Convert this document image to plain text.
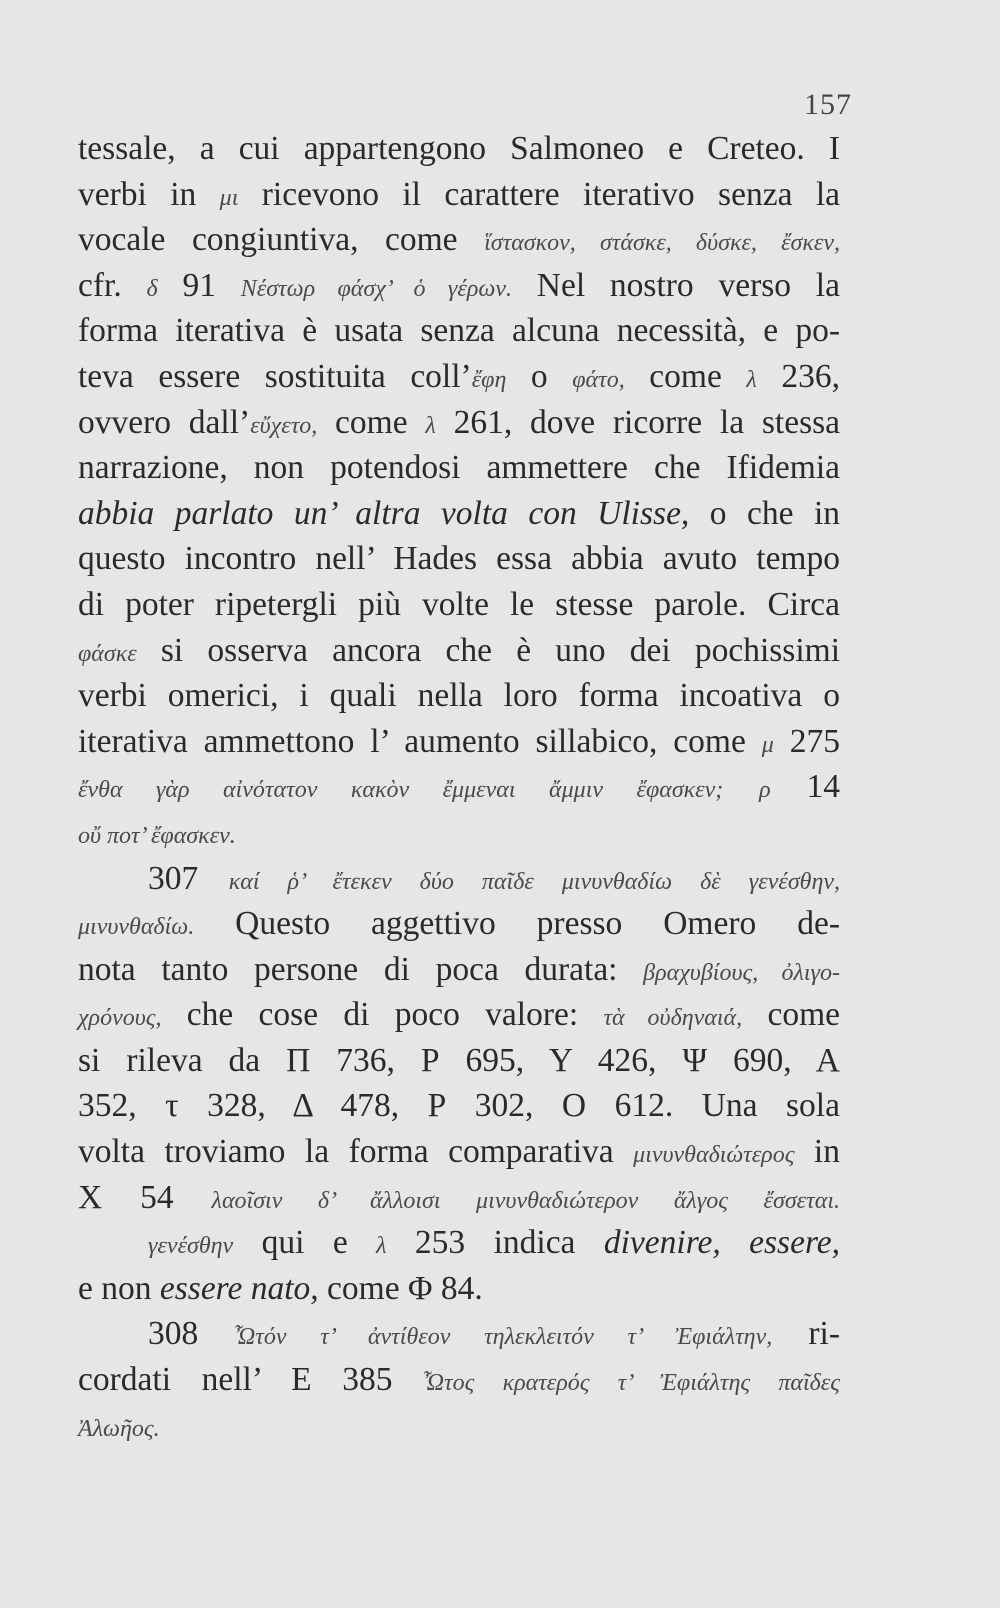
157
tessale, a cui appartengono Salmoneo e Creteo. I
verbi in μι ricevono il carattere iterativo senza la
vocale congiuntiva, come ἵστασκον, στάσκε, δύσκε, ἔσκεν,
cfr. δ 91 Νέστωρ φάσχ’ ὁ γέρων. Nel nostro verso la
forma iterativa è usata senza alcuna necessità, e po-
teva essere sostituita coll’ἔφη o φάτο, come λ 236,
ovvero dall’εὔχετο, come λ 261, dove ricorre la stessa
narrazione, non potendosi ammettere che Ifidemia
abbia parlato un’ altra volta con Ulisse, o che in
questo incontro nell’ Hades essa abbia avuto tempo
di poter ripetergli più volte le stesse parole. Circa
φάσκε si osserva ancora che è uno dei pochissimi
verbi omerici, i quali nella loro forma incoativa o
iterativa ammettono l’ aumento sillabico, come μ 275
ἔνθα γὰρ αἰνότατον κακὸν ἔμμεναι ἄμμιν ἔφασκεν; ρ 14
οὔ ποτ’ ἔφασκεν.
307 καί ῥ’ ἔτεκεν δύο παῖδε μινυνθαδίω δὲ γενέσθην,
μινυνθαδίω. Questo aggettivo presso Omero de-
nota tanto persone di poca durata: βραχυβίους, ὀλιγο-
χρόνους, che cose di poco valore: τὰ οὐδηναιά, come
si rileva da Π 736, Ρ 695, Υ 426, Ψ 690, Α
352, τ 328, Δ 478, Ρ 302, Ο 612. Una sola
volta troviamo la forma comparativa μινυνθαδιώτερος in
Χ 54 λαοῖσιν δ’ ἄλλοισι μινυνθαδιώτερον ἄλγος ἔσσεται.
γενέσθην qui e λ 253 indica divenire, essere,
e non essere nato, come Φ 84.
308 Ὦτόν τ’ ἀντίθεον τηλεκλειτόν τ’ Ἐφιάλτην, ri-
cordati nell’ E 385 Ὦτος κρατερός τ’ Ἐφιάλτης παῖδες
Ἀλωῆος.
